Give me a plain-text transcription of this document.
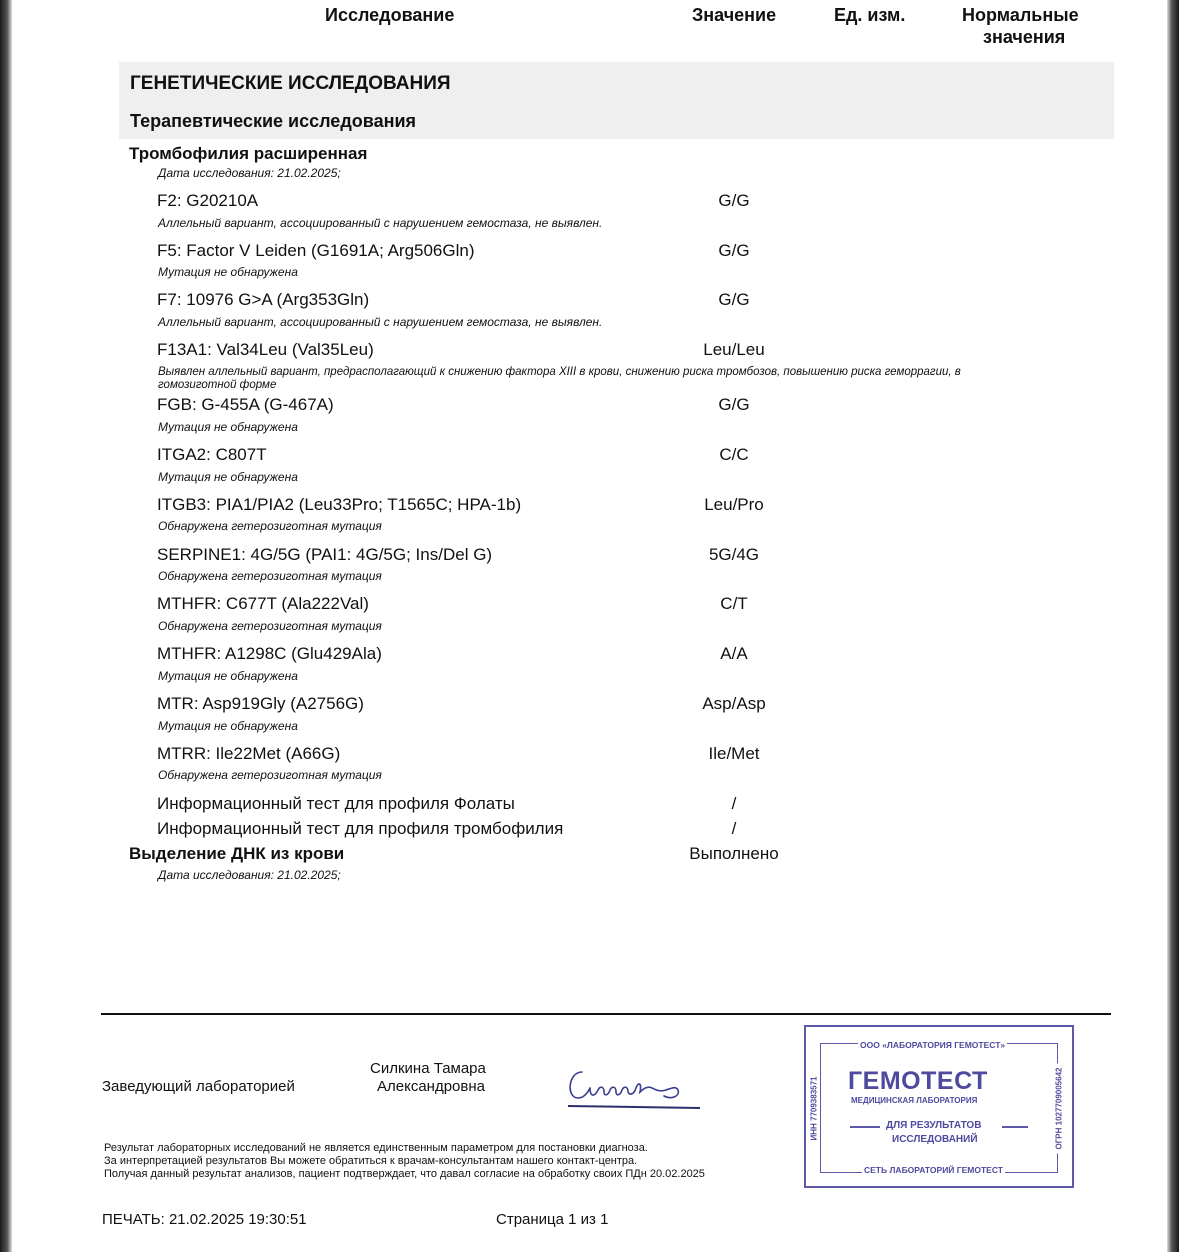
Исследование	Значение	Ед. изм.	Нормальные
значения
ГЕНЕТИЧЕСКИЕ ИССЛЕДОВАНИЯ
Терапевтические исследования
Тромбофилия расширенная
Дата исследования: 21.02.2025;
F2: G20210A	G/G
Аллельный вариант, ассоциированный с нарушением гемостаза, не выявлен.
F5: Factor V Leiden (G1691A; Arg506Gln)	G/G
Мутация не обнаружена
F7: 10976 G>A (Arg353Gln)	G/G
Аллельный вариант, ассоциированный с нарушением гемостаза, не выявлен.
F13A1: Val34Leu (Val35Leu)	Leu/Leu
Выявлен аллельный вариант, предрасполагающий к снижению фактора XIII в крови, снижению риска тромбозов, повышению риска геморрагии, в
гомозиготной форме
FGB: G-455A (G-467A)	G/G
Мутация не обнаружена
ITGA2: C807T	C/C
Мутация не обнаружена
ITGB3: PIA1/PIA2 (Leu33Pro; T1565C; HPA-1b)	Leu/Pro
Обнаружена гетерозиготная мутация
SERPINE1: 4G/5G (PAI1: 4G/5G; Ins/Del G)	5G/4G
Обнаружена гетерозиготная мутация
MTHFR: C677T (Ala222Val)	C/T
Обнаружена гетерозиготная мутация
MTHFR: A1298C (Glu429Ala)	A/A
Мутация не обнаружена
MTR: Asp919Gly (A2756G)	Asp/Asp
Мутация не обнаружена
MTRR: Ile22Met (A66G)	Ile/Met
Обнаружена гетерозиготная мутация
Информационный тест для профиля Фолаты	/
Информационный тест для профиля тромбофилия	/
Выделение ДНК из крови	Выполнено
Дата исследования: 21.02.2025;
Заведующий лабораторией
Силкина Тамара
Александровна
Результат лабораторных исследований не является единственным параметром для постановки диагноза.
За интерпретацией результатов Вы можете обратиться к врачам-консультантам нашего контакт-центра.
Получая данный результат анализов, пациент подтверждает, что давал согласие на обработку своих ПДн 20.02.2025
ПЕЧАТЬ: 21.02.2025 19:30:51	Страница 1 из 1
ООО «ЛАБОРАТОРИЯ ГЕМОТЕСТ»
ГЕМОТЕСТ
МЕДИЦИНСКАЯ ЛАБОРАТОРИЯ
ДЛЯ РЕЗУЛЬТАТОВ
ИССЛЕДОВАНИЙ
СЕТЬ ЛАБОРАТОРИЙ ГЕМОТЕСТ
ИНН 7709383571	ОГРН 1027709005642
